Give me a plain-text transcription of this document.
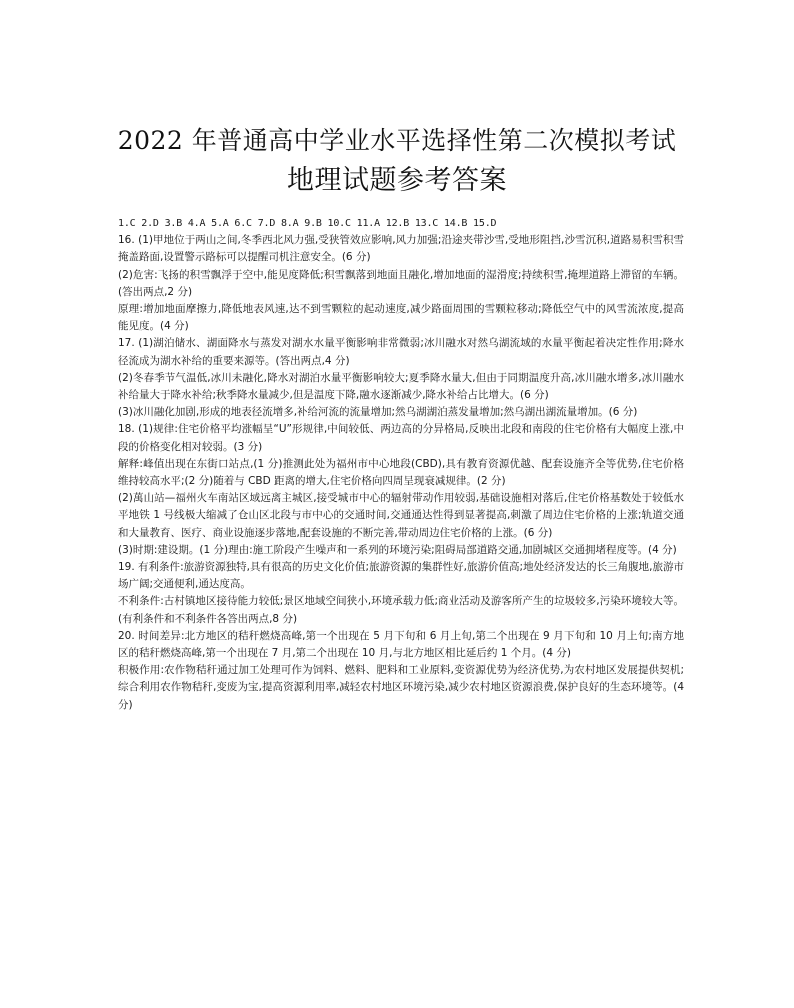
2022 年普通高中学业水平选择性第二次模拟考试
地理试题参考答案
1.C 2.D 3.B 4.A 5.A 6.C 7.D 8.A 9.B 10.C 11.A 12.B 13.C 14.B 15.D

16. (1)甲地位于两山之间,冬季西北风力强,受狭管效应影响,风力加强;沿途夹带沙雪,受地形阻挡,沙雪沉积,道路易积雪积雪掩盖路面,设置警示路标可以提醒司机注意安全。(6 分)

(2)危害:飞扬的积雪飘浮于空中,能见度降低;积雪飘落到地面且融化,增加地面的湿滑度;持续积雪,掩埋道路上滞留的车辆。(答出两点,2 分)

原理:增加地面摩擦力,降低地表风速,达不到雪颗粒的起动速度,减少路面周围的雪颗粒移动;降低空气中的风雪流浓度,提高能见度。(4 分)

17. (1)湖泊储水、湖面降水与蒸发对湖水水量平衡影响非常微弱;冰川融水对然乌湖流域的水量平衡起着决定性作用;降水径流成为湖水补给的重要来源等。(答出两点,4 分)

(2)冬春季节气温低,冰川未融化,降水对湖泊水量平衡影响较大;夏季降水量大,但由于同期温度升高,冰川融水增多,冰川融水补给量大于降水补给;秋季降水量减少,但是温度下降,融水逐渐减少,降水补给占比增大。(6 分)

(3)冰川融化加剧,形成的地表径流增多,补给河流的流量增加;然乌湖湖泊蒸发量增加;然乌湖出湖流量增加。(6 分)

18. (1)规律:住宅价格平均涨幅呈“U”形规律,中间较低、两边高的分异格局,反映出北段和南段的住宅价格有大幅度上涨,中段的价格变化相对较弱。(3 分)

解释:峰值出现在东街口站点,(1 分)推测此处为福州市中心地段(CBD),具有教育资源优越、配套设施齐全等优势,住宅价格维持较高水平;(2 分)随着与 CBD 距离的增大,住宅价格向四周呈现衰减规律。(2 分)

(2)萬山站—福州火车南站区域远离主城区,接受城市中心的辐射带动作用较弱,基础设施相对落后,住宅价格基数处于较低水平地铁 1 号线极大缩减了仓山区北段与市中心的交通时间,交通通达性得到显著提高,刺激了周边住宅价格的上涨;轨道交通和大量教育、医疗、商业设施逐步落地,配套设施的不断完善,带动周边住宅价格的上涨。(6 分)

(3)时期:建设期。(1 分)理由:施工阶段产生噪声和一系列的环境污染;阻碍局部道路交通,加剧城区交通拥堵程度等。(4 分)

19. 有利条件:旅游资源独特,具有很高的历史文化价值;旅游资源的集群性好,旅游价值高;地处经济发达的长三角腹地,旅游市场广阔;交通便利,通达度高。

不利条件:古村镇地区接待能力较低;景区地域空间狭小,环境承载力低;商业活动及游客所产生的垃圾较多,污染环境较大等。(有利条件和不利条件各答出两点,8 分)

20. 时间差异:北方地区的秸秆燃烧高峰,第一个出现在 5 月下旬和 6 月上旬,第二个出现在 9 月下旬和 10 月上旬;南方地区的秸秆燃烧高峰,第一个出现在 7 月,第二个出现在 10 月,与北方地区相比延后约 1 个月。(4 分)

积极作用:农作物秸秆通过加工处理可作为饲料、燃料、肥料和工业原料,变资源优势为经济优势,为农村地区发展提供契机;综合利用农作物秸秆,变废为宝,提高资源利用率,减轻农村地区环境污染,减少农村地区资源浪费,保护良好的生态环境等。(4 分)
